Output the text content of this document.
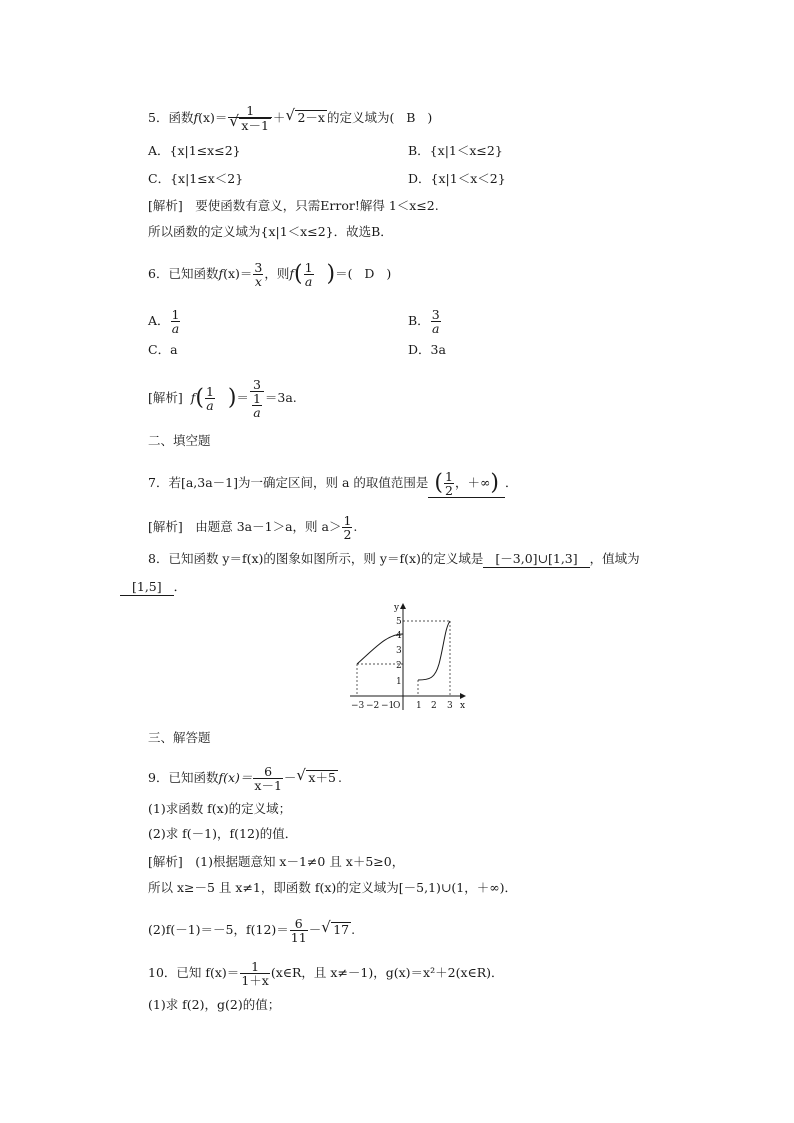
5．函数f(x)＝ 1
√ x－1 ＋ √ 2－x 的定义域为( B )
A．{x|1≤x≤2}	B．{x|1＜x≤2}
C．{x|1≤x＜2}	D．{x|1＜x＜2}
[解析]　要使函数有意义，只需Error!解得 1＜x≤2.
所以函数的定义域为{x|1＜x≤2}．故选B．
6．已知函数$f(x)= \frac{3}{x}$ ，则$f( \frac{1}{a}$ )＝( D )
A． $\frac{1}{a}$	B． $\frac{3}{a}$
C．a	D．3a
[解析] $f( \frac{1}{a}$ )＝ $\frac{3}{\frac{1}{a}} =3a$.
二、填空题
7．若[a,3a－1]为一确定区间，则 a 的取值范围是 ( $\frac{1}{2}$ ，＋∞) ．
[解析]　由题意 3a－1＞a，则 $a> \frac{1}{2}$ .
8．已知函数 y＝f(x)的图象如图所示，则 y＝f(x)的定义域是 [－3,0]∪[1,3] ，值域为
[1,5] ．
y
x
O
−3 −2 −1 1 2 3
1
2
3
4
5
三、解答题
9．已知函数$f(x)= \frac{6}{x-1}$ － √ x＋5 .
(1)求函数 f(x)的定义域；
(2)求 f(－1)，f(12)的值．
[解析]　(1)根据题意知 x－1≠0 且 x＋5≥0，
所以 x≥－5 且 x≠1，即函数 f(x)的定义域为[－5,1)∪(1，＋∞)．
(2)f(－1)＝－5，$f(12)= \frac{6}{11}$ － √ 17 .
10．已知 $f(x)= \frac{1}{1+x}$ (x∈R，且 x≠－1)，g(x)＝x²＋2(x∈R)．
(1)求 f(2)，g(2)的值；
